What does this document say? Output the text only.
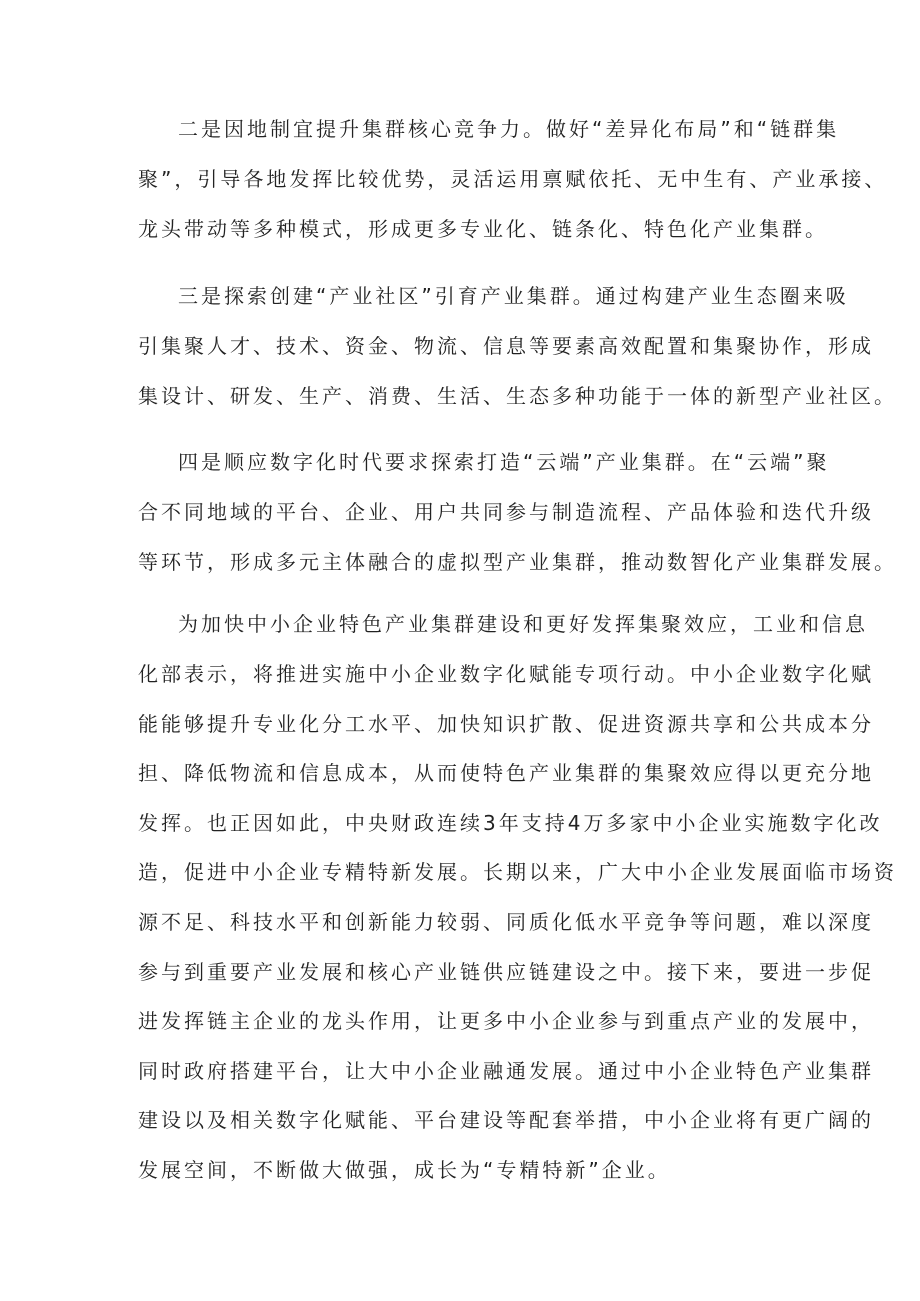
二是因地制宜提升集群核心竞争力。做好“差异化布局”和“链群集
聚”，引导各地发挥比较优势，灵活运用禀赋依托、无中生有、产业承接、
龙头带动等多种模式，形成更多专业化、链条化、特色化产业集群。
三是探索创建“产业社区”引育产业集群。通过构建产业生态圈来吸
引集聚人才、技术、资金、物流、信息等要素高效配置和集聚协作，形成
集设计、研发、生产、消费、生活、生态多种功能于一体的新型产业社区。
四是顺应数字化时代要求探索打造“云端”产业集群。在“云端”聚
合不同地域的平台、企业、用户共同参与制造流程、产品体验和迭代升级
等环节，形成多元主体融合的虚拟型产业集群，推动数智化产业集群发展。
为加快中小企业特色产业集群建设和更好发挥集聚效应，工业和信息
化部表示，将推进实施中小企业数字化赋能专项行动。中小企业数字化赋
能能够提升专业化分工水平、加快知识扩散、促进资源共享和公共成本分
担、降低物流和信息成本，从而使特色产业集群的集聚效应得以更充分地
发挥。也正因如此，中央财政连续3年支持4万多家中小企业实施数字化改
造，促进中小企业专精特新发展。长期以来，广大中小企业发展面临市场资
源不足、科技水平和创新能力较弱、同质化低水平竞争等问题，难以深度
参与到重要产业发展和核心产业链供应链建设之中。接下来，要进一步促
进发挥链主企业的龙头作用，让更多中小企业参与到重点产业的发展中，
同时政府搭建平台，让大中小企业融通发展。通过中小企业特色产业集群
建设以及相关数字化赋能、平台建设等配套举措，中小企业将有更广阔的
发展空间，不断做大做强，成长为“专精特新”企业。
